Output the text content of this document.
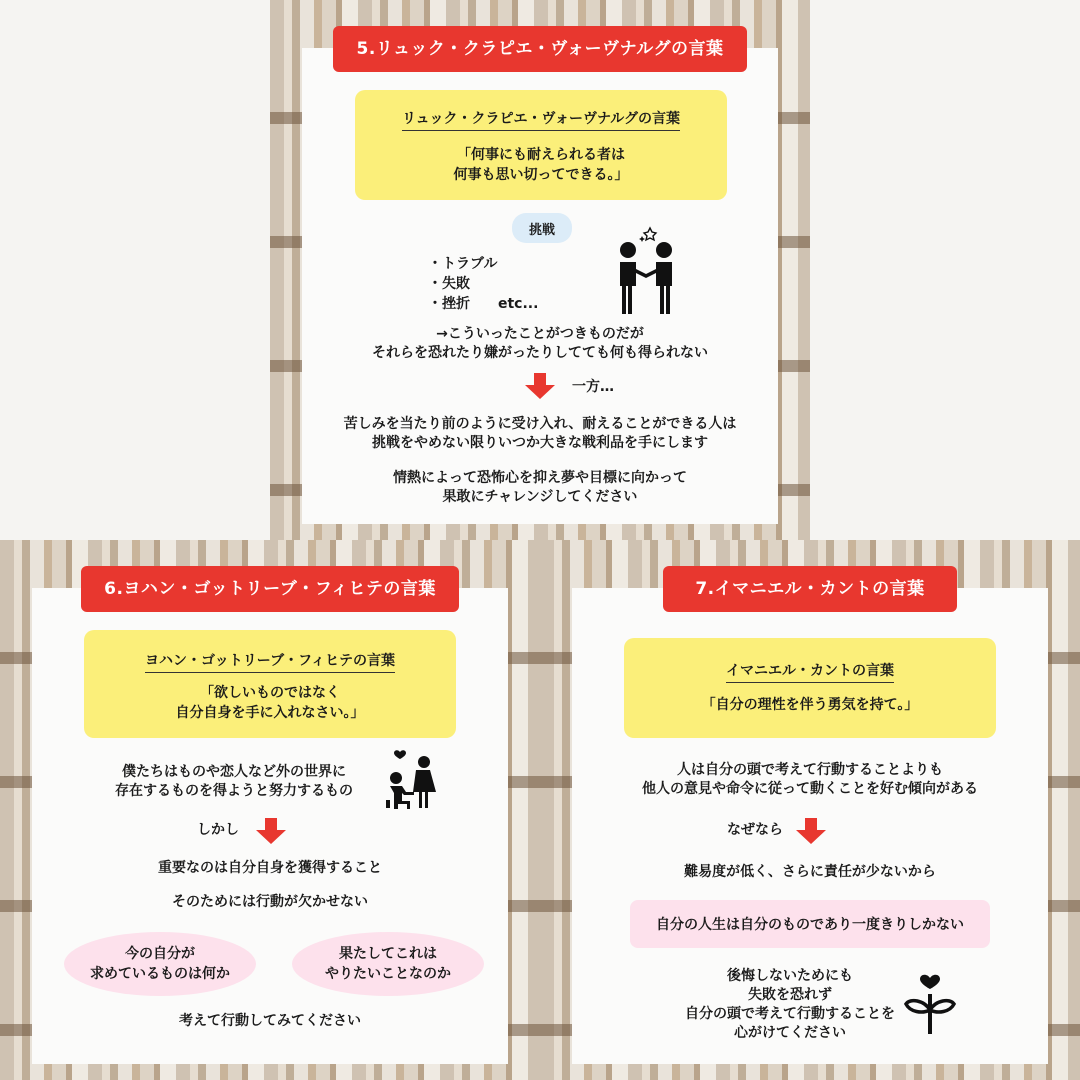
5.リュック・クラピエ・ヴォーヴナルグの言葉
リュック・クラピエ・ヴォーヴナルグの言葉
「何事にも耐えられる者は
何事も思い切ってできる。」
挑戦
・トラブル
・失敗
・挫折　　etc...
→こういったことがつきものだが
それらを恐れたり嫌がったりしてても何も得られない
一方…
苦しみを当たり前のように受け入れ、耐えることができる人は
挑戦をやめない限りいつか大きな戦利品を手にします
情熱によって恐怖心を抑え夢や目標に向かって
果敢にチャレンジしてください
6.ヨハン・ゴットリーブ・フィヒテの言葉
ヨハン・ゴットリーブ・フィヒテの言葉
「欲しいものではなく
自分自身を手に入れなさい。」
僕たちはものや恋人など外の世界に
存在するものを得ようと努力するもの
しかし
重要なのは自分自身を獲得すること
そのためには行動が欠かせない
今の自分が
求めているものは何か
果たしてこれは
やりたいことなのか
考えて行動してみてください
7.イマニエル・カントの言葉
イマニエル・カントの言葉
「自分の理性を伴う勇気を持て。」
人は自分の頭で考えて行動することよりも
他人の意見や命令に従って動くことを好む傾向がある
なぜなら
難易度が低く、さらに責任が少ないから
自分の人生は自分のものであり一度きりしかない
後悔しないためにも
失敗を恐れず
自分の頭で考えて行動することを
心がけてください
